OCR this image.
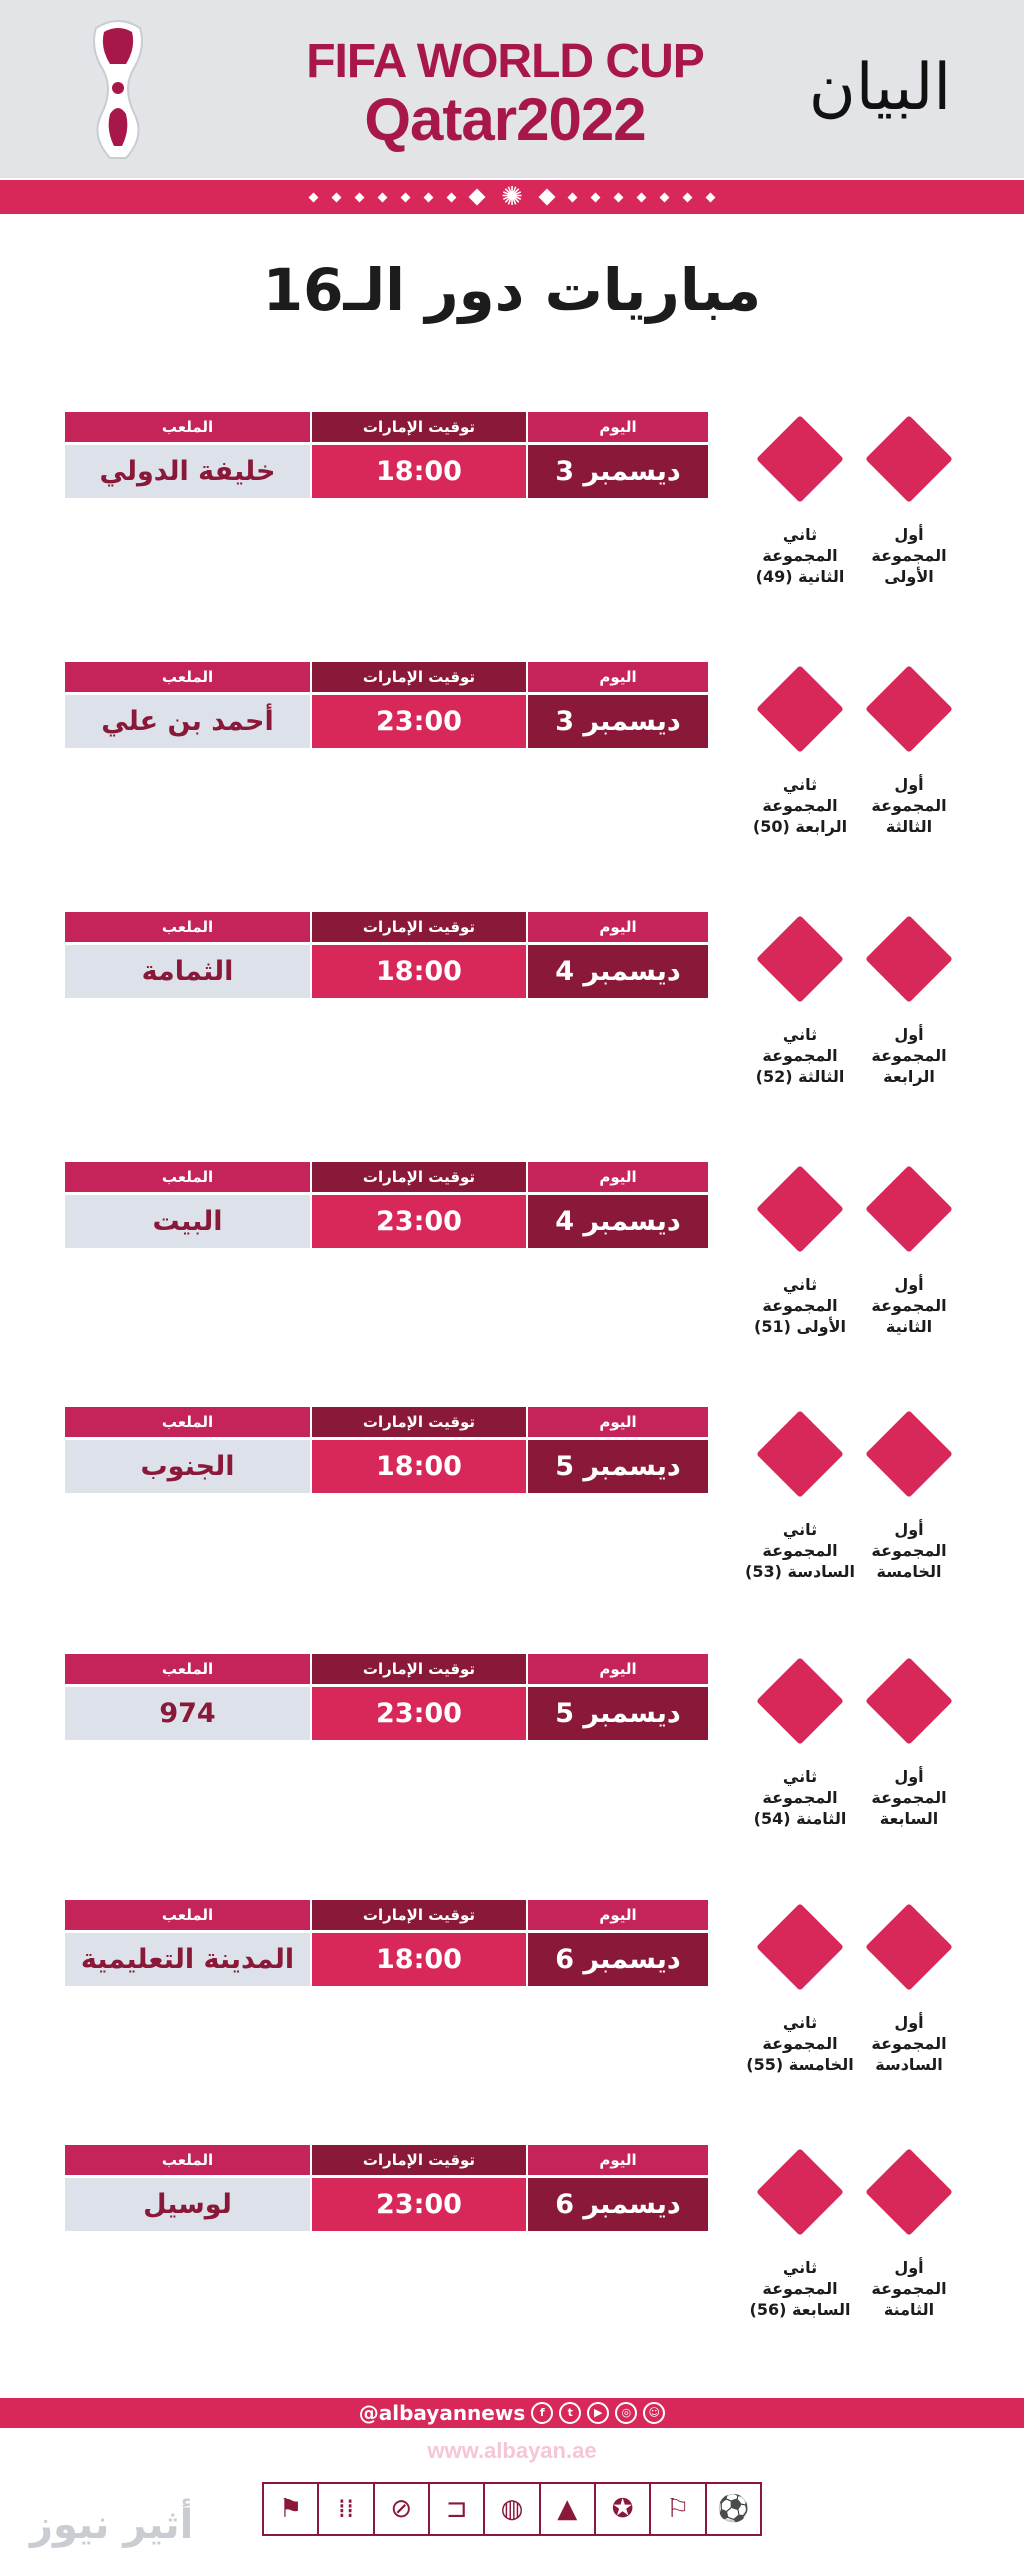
FIFA WORLD CUP
Qatar2022	البيان
✺
مباريات دور الـ16
الملعب	توقيت الإمارات	اليوم
خليفة الدولي	18:00	3 ديسمبر
أول المجموعة الأولى
ثاني المجموعة الثانية (49)
الملعب	توقيت الإمارات	اليوم
أحمد بن علي	23:00	3 ديسمبر
أول المجموعة الثالثة
ثاني المجموعة الرابعة (50)
الملعب	توقيت الإمارات	اليوم
الثمامة	18:00	4 ديسمبر
أول المجموعة الرابعة
ثاني المجموعة الثالثة (52)
الملعب	توقيت الإمارات	اليوم
البيت	23:00	4 ديسمبر
أول المجموعة الثانية
ثاني المجموعة الأولى (51)
الملعب	توقيت الإمارات	اليوم
الجنوب	18:00	5 ديسمبر
أول المجموعة الخامسة
ثاني المجموعة السادسة (53)
الملعب	توقيت الإمارات	اليوم
974	23:00	5 ديسمبر
أول المجموعة السابعة
ثاني المجموعة الثامنة (54)
الملعب	توقيت الإمارات	اليوم
المدينة التعليمية	18:00	6 ديسمبر
أول المجموعة السادسة
ثاني المجموعة الخامسة (55)
الملعب	توقيت الإمارات	اليوم
لوسيل	23:00	6 ديسمبر
أول المجموعة الثامنة
ثاني المجموعة السابعة (56)
@albayannews	f	t	▶	◎	☺
www.albayan.ae
⚑	⁞⁞	⊘	⊐	◍	▲	✪	⚐	⚽
أثير نيوز
